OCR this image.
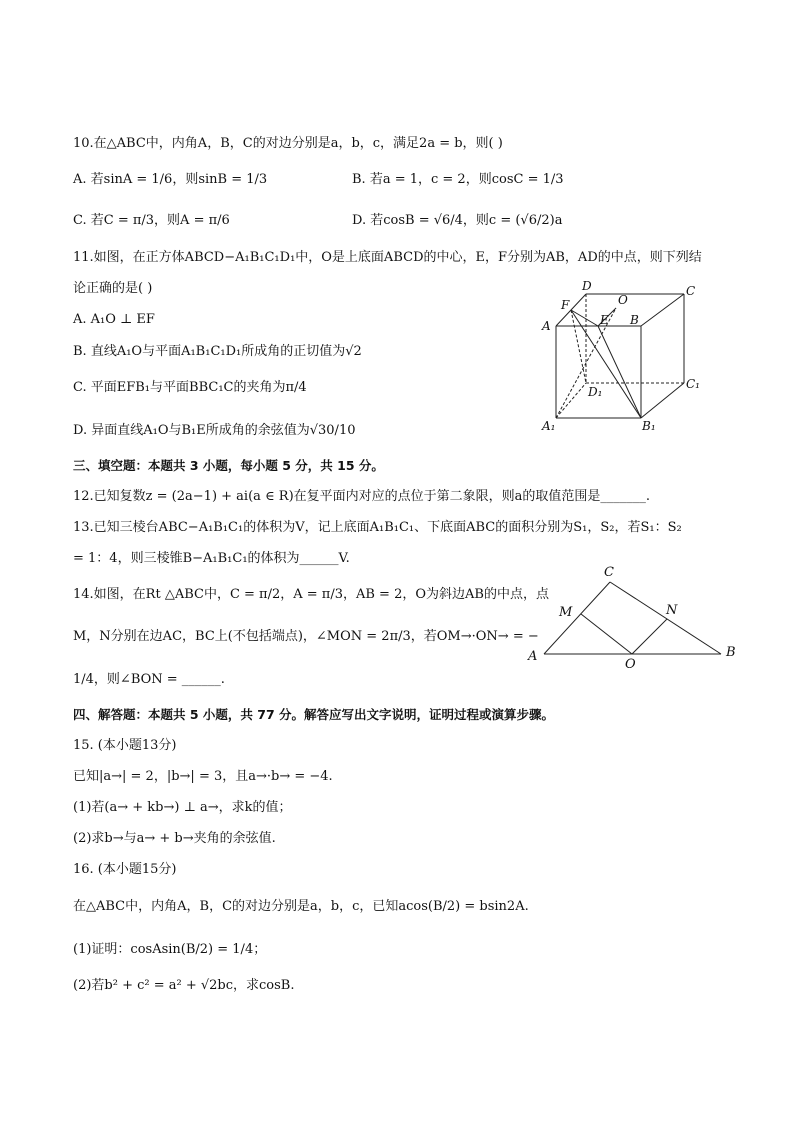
10.在△ABC中，内角A，B，C的对边分别是a，b，c，满足2a = b，则( )
A. 若sinA = 1/6，则sinB = 1/3	B. 若a = 1，c = 2，则cosC = 1/3
C. 若C = π/3，则A = π/6	D. 若cosB = √6/4，则c = (√6/2)a
11.如图，在正方体ABCD−A₁B₁C₁D₁中，O是上底面ABCD的中心，E，F分别为AB，AD的中点，则下列结
论正确的是( )
A. A₁O ⊥ EF
B. 直线A₁O与平面A₁B₁C₁D₁所成角的正切值为√2
C. 平面EFB₁与平面BBC₁C的夹角为π/4
D. 异面直线A₁O与B₁E所成角的余弦值为√30/10
D	C
F	O
A	E B
D₁
C₁
A₁	B₁
三、填空题：本题共 3 小题，每小题 5 分，共 15 分。
12.已知复数z = (2a−1) + ai(a ∈ R)在复平面内对应的点位于第二象限，则a的取值范围是_______.
13.已知三棱台ABC−A₁B₁C₁的体积为V，记上底面A₁B₁C₁、下底面ABC的面积分别为S₁，S₂，若S₁：S₂
= 1：4，则三棱锥B−A₁B₁C₁的体积为______V.
14.如图，在Rt △ABC中，C = π/2，A = π/3，AB = 2，O为斜边AB的中点，点
M，N分别在边AC，BC上(不包括端点)，∠MON = 2π/3，若OM→·ON→ = −
1/4，则∠BON = ______.
C
M	N
A
O
B
四、解答题：本题共 5 小题，共 77 分。解答应写出文字说明，证明过程或演算步骤。
15. (本小题13分)
已知|a→| = 2，|b→| = 3，且a→·b→ = −4.
(1)若(a→ + kb→) ⊥ a→，求k的值；
(2)求b→与a→ + b→夹角的余弦值.
16. (本小题15分)
在△ABC中，内角A，B，C的对边分别是a，b，c，已知acos(B/2) = bsin2A.
(1)证明：cosAsin(B/2) = 1/4；
(2)若b² + c² = a² + √2bc，求cosB.
